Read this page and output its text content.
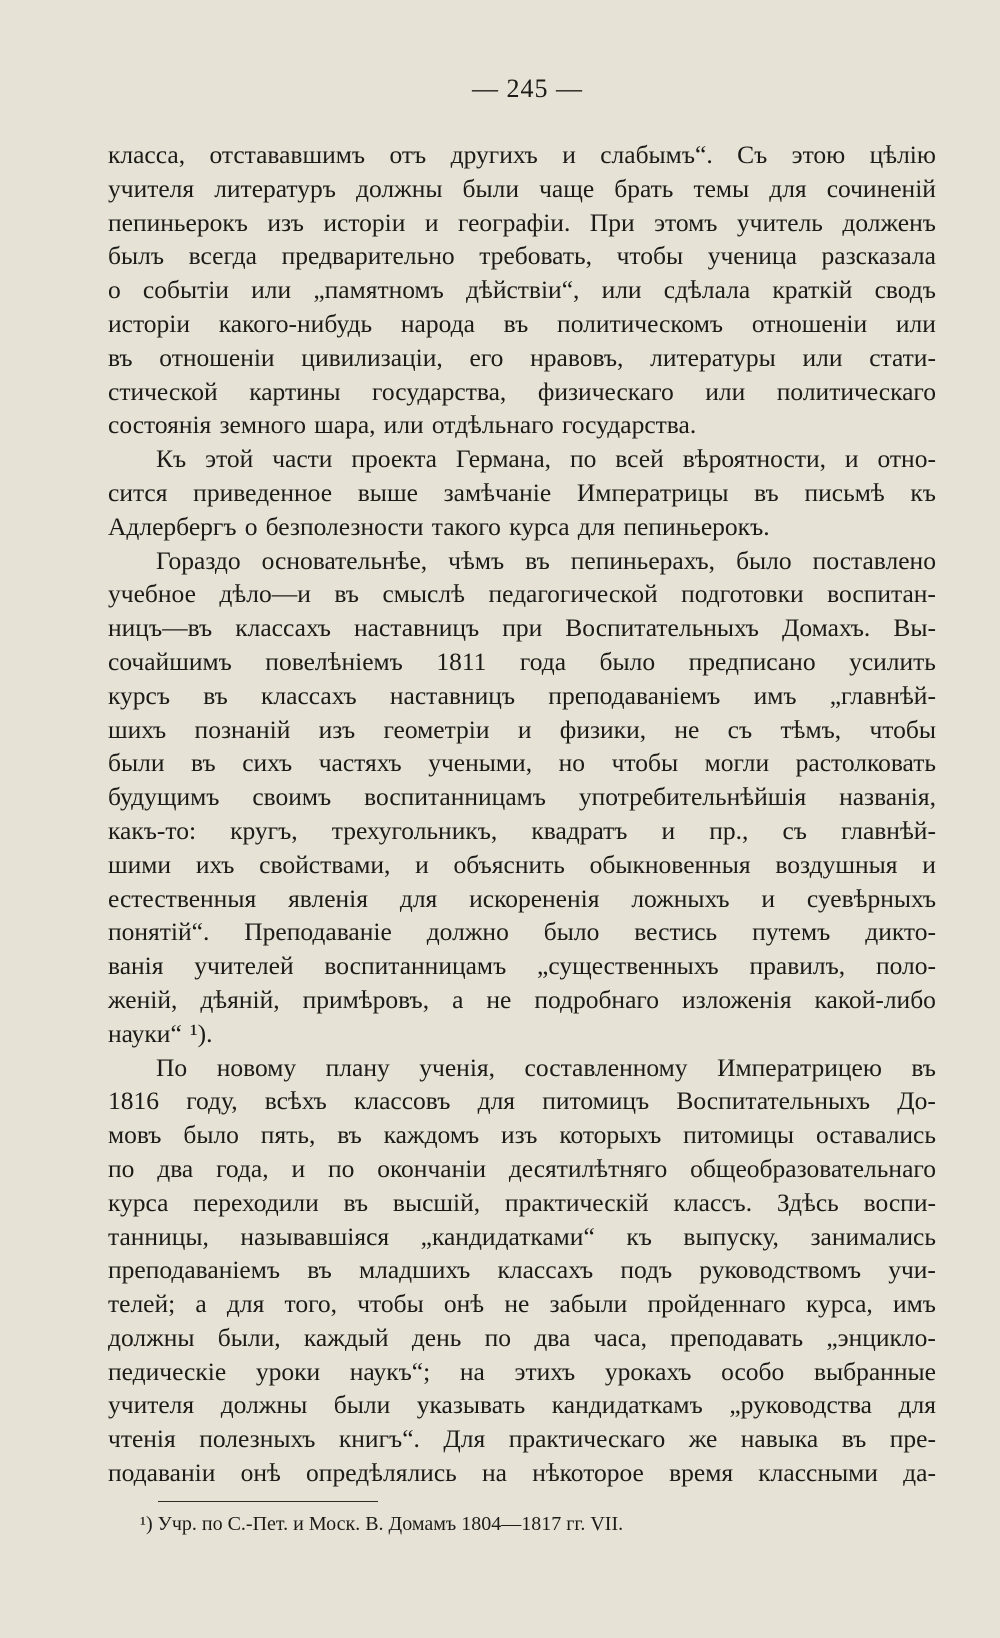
— 245 —
класса, отстававшимъ отъ другихъ и слабымъ“. Съ этою цѣлію
учителя литературъ должны были чаще брать темы для сочиненій
пепиньерокъ изъ исторіи и географіи. При этомъ учитель долженъ
былъ всегда предварительно требовать, чтобы ученица разсказала
о событіи или „памятномъ дѣйствіи“, или сдѣлала краткій сводъ
исторіи какого-нибудь народа въ политическомъ отношеніи или
въ отношеніи цивилизаціи, его нравовъ, литературы или стати-
стической картины государства, физическаго или политическаго
состоянія земного шара, или отдѣльнаго государства.
Къ этой части проекта Германа, по всей вѣроятности, и отно-
сится приведенное выше замѣчаніе Императрицы въ письмѣ къ
Адлербергъ о безполезности такого курса для пепиньерокъ.
Гораздо основательнѣе, чѣмъ въ пепиньерахъ, было поставлено
учебное дѣло—и въ смыслѣ педагогической подготовки воспитан-
ницъ—въ классахъ наставницъ при Воспитательныхъ Домахъ. Вы-
сочайшимъ повелѣніемъ 1811 года было предписано усилить
курсъ въ классахъ наставницъ преподаваніемъ имъ „главнѣй-
шихъ познаній изъ геометріи и физики, не съ тѣмъ, чтобы
были въ сихъ частяхъ учеными, но чтобы могли растолковать
будущимъ своимъ воспитанницамъ употребительнѣйшія названія,
какъ-то: кругъ, трехугольникъ, квадратъ и пр., съ главнѣй-
шими ихъ свойствами, и объяснить обыкновенныя воздушныя и
естественныя явленія для искорененія ложныхъ и суевѣрныхъ
понятій“. Преподаваніе должно было вестись путемъ дикто-
ванія учителей воспитанницамъ „существенныхъ правилъ, поло-
женій, дѣяній, примѣровъ, а не подробнаго изложенія какой-либо
науки“ ¹).
По новому плану ученія, составленному Императрицею въ
1816 году, всѣхъ классовъ для питомицъ Воспитательныхъ До-
мовъ было пять, въ каждомъ изъ которыхъ питомицы оставались
по два года, и по окончаніи десятилѣтняго общеобразовательнаго
курса переходили въ высшій, практическій классъ. Здѣсь воспи-
танницы, называвшіяся „кандидатками“ къ выпуску, занимались
преподаваніемъ въ младшихъ классахъ подъ руководствомъ учи-
телей; а для того, чтобы онѣ не забыли пройденнаго курса, имъ
должны были, каждый день по два часа, преподавать „энцикло-
педическіе уроки наукъ“; на этихъ урокахъ особо выбранные
учителя должны были указывать кандидаткамъ „руководства для
чтенія полезныхъ книгъ“. Для практическаго же навыка въ пре-
подаваніи онѣ опредѣлялись на нѣкоторое время классными да-
¹) Учр. по С.-Пет. и Моск. В. Домамъ 1804—1817 гг. VII.
